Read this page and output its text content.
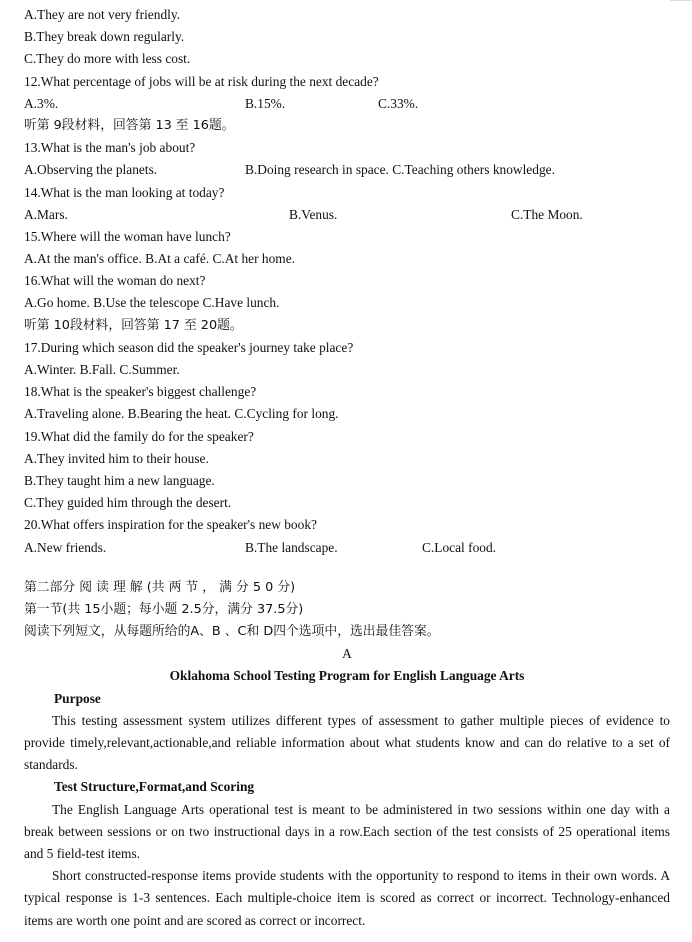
A.They are not very friendly.
B.They break down regularly.
C.They do more with less cost.
12.What percentage of jobs will be at risk during the next decade?
A.3%.	B.15%.	C.33%.
听第 9段材料，回答第 13 至 16题。
13.What is the man's job about?
A.Observing the planets.	B.Doing research in space. C.Teaching others knowledge.
14.What is the man looking at today?
A.Mars.	B.Venus.	C.The Moon.
15.Where will the woman have lunch?
A.At the man's office. B.At a café. C.At her home.
16.What will the woman do next?
A.Go home. B.Use the telescope C.Have lunch.
听第 10段材料，回答第 17 至 20题。
17.During which season did the speaker's journey take place?
A.Winter. B.Fall. C.Summer.
18.What is the speaker's biggest challenge?
A.Traveling alone. B.Bearing the heat. C.Cycling for long.
19.What did the family do for the speaker?
A.They invited him to their house.
B.They taught him a new language.
C.They guided him through the desert.
20.What offers inspiration for the speaker's new book?
A.New friends.	B.The landscape.	C.Local food.
第二部分 阅 读 理 解 (共 两 节 ， 满 分 5 0 分)
第一节(共 15小题；每小题 2.5分，满分 37.5分)
阅读下列短文，从每题所给的A、B 、C和 D四个选项中，选出最佳答案。
A
Oklahoma School Testing Program for English Language Arts
Purpose

This testing assessment system utilizes different types of assessment to gather multiple pieces of evidence to provide timely,relevant,actionable,and reliable information about what students know and can do relative to a set of standards.

Test Structure,Format,and Scoring

The English Language Arts operational test is meant to be administered in two sessions within one day with a break between sessions or on two instructional days in a row.Each section of the test consists of 25 operational items and 5 field-test items.

Short constructed-response items provide students with the opportunity to respond to items in their own words. A typical response is 1-3 sentences. Each multiple-choice item is scored as correct or incorrect. Technology-enhanced items are worth one point and are scored as correct or incorrect.
